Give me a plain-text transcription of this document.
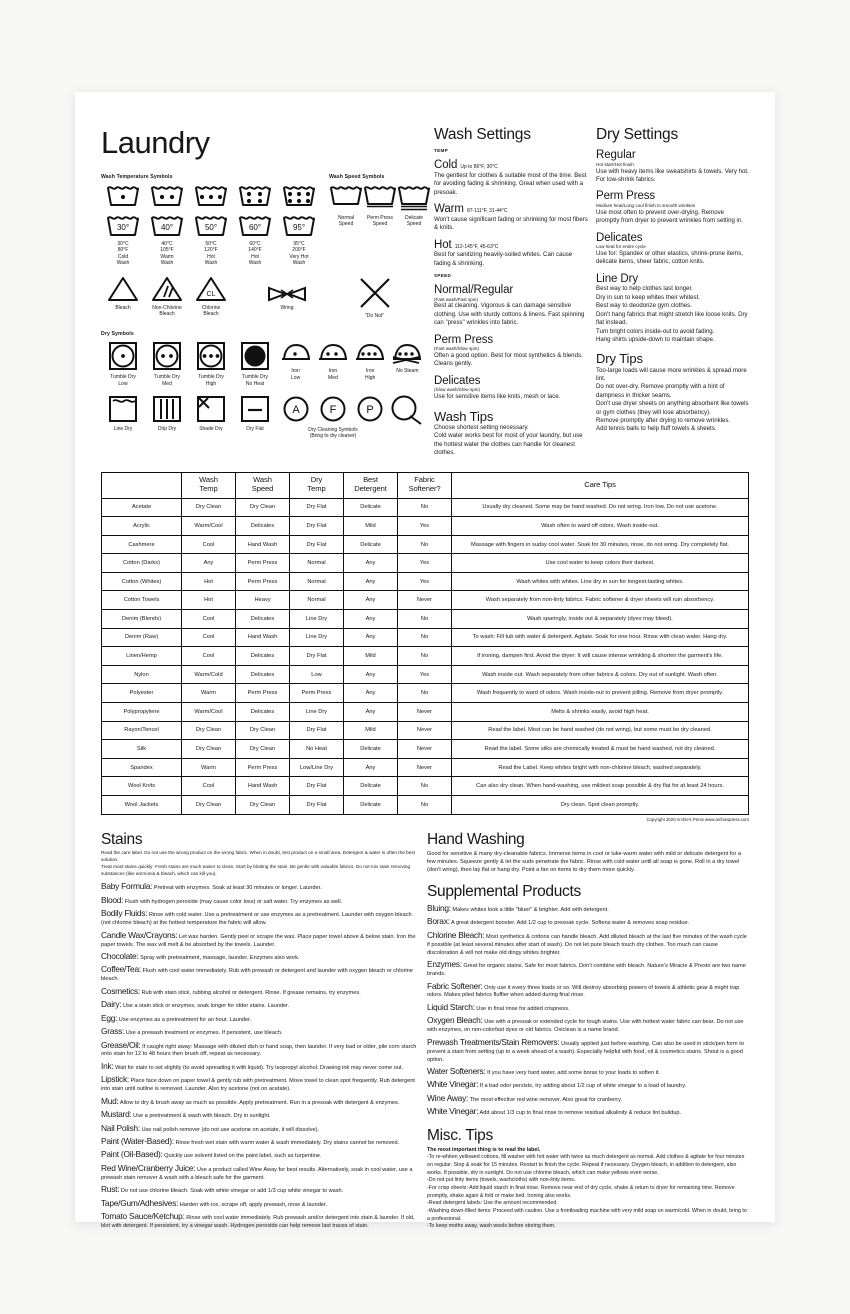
Laundry
Wash Temperature Symbols
30°
30°C
80°F
Cold
Wash
40°
40°C
105°F
Warm
Wash
50°
50°C
120°F
Hot
Wash
60°
60°C
140°F
Hot
Wash
95°
95°C
200°F
Very Hot
Wash
Wash Speed Symbols
Normal
Speed
Perm Press
Speed
Delicate
Speed
Bleach	Non-Chlorine
Bleach
CL
Chlorine
Bleach
Wring
"Do Not"
Dry Symbols
Tumble Dry
Low
Tumble Dry
Med
Tumble Dry
High
Tumble Dry
No Heat
Iron
Low
Iron
Med
Iron
High
No Steam
Line Dry	Drip Dry	Shade Dry	Dry Flat
A	F	P
Dry Cleaning Symbols
(Bring to dry cleaner)
Wash Settings
TEMP
Cold Up to 86°F, 30°C
The gentlest for clothes & suitable most of the time. Best for avoiding fading & shrinking. Great when used with a presoak.
Warm 87-111°F, 31-44°C
Won't cause significant fading or shrinking for most fibers & knits.
Hot 112-145°F, 45-63°C
Best for sanitizing heavily-soiled whites. Can cause fading & shrinking.
SPEED
Normal/Regular
(Fast wash/Fast spin)
Best at cleaning. Vigorous & can damage sensitive clothing. Use with sturdy cottons & linens. Fast spinning can "press" wrinkles into fabric.
Perm Press
(Fast wash/Slow spin)
Often a good option. Best for most synthetics & blends. Cleans gently.
Delicates
(Slow wash/Slow spin)
Use for sensitive items like knits, mesh or lace.
Wash Tips
Choose shortest setting necessary.
Cold water works best for most of your laundry, but use the hottest water the clothes can handle for cleanest clothes.
Dry Settings
Regular
Hot start/Hot finish
Use with heavy items like sweatshirts & towels. Very hot. For low-shrink fabrics.
Perm Press
Medium heat/Long cool finish to smooth wrinkles
Use most often to prevent over-drying. Remove promptly from dryer to prevent wrinkles from setting in.
Delicates
Low heat for entire cycle
Use for: Spandex or other elastics, shrink-prone items, delicate items, sheer fabric, cotton knits.
Line Dry
Best way to help clothes last longer.
Dry in sun to keep whites their whitest.
Best way to deodorize gym clothes.
Don't hang fabrics that might stretch like loose knits. Dry flat instead.
Turn bright colors inside-out to avoid fading.
Hang shirts upside-down to maintain shape.
Dry Tips
Too-large loads will cause more wrinkles & spread more lint.
Do not over-dry. Remove promptly with a hint of dampness in thicker seams.
Don't use dryer sheets on anything absorbent like towels or gym clothes (they will lose absorbency).
Remove promptly after drying to remove wrinkles.
Add tennis balls to help fluff towels & sheets.
	Wash
Temp	Wash
Speed	Dry
Temp	Best
Detergent	Fabric
Softener?	Care Tips
Acetate	Dry Clean	Dry Clean	Dry Flat	Delicate	No	Usually dry cleaned. Some may be hand washed. Do not wring. Iron low. Do not use acetone.
Acrylic	Warm/Cool	Delicates	Dry Flat	Mild	Yes	Wash often to ward off odors. Wash inside-out.
Cashmere	Cool	Hand Wash	Dry Flat	Delicate	No	Massage with fingers in sudsy cool water. Soak for 30 minutes, rinse, do not wring. Dry completely flat.
Cotton (Darks)	Any	Perm Press	Normal	Any	Yes	Use cool water to keep colors their darkest.
Cotton (Whites)	Hot	Perm Press	Normal	Any	Yes	Wash whites with whites. Line dry in sun for longest-lasting whites.
Cotton Towels	Hot	Heavy	Normal	Any	Never	Wash separately from non-linty fabrics. Fabric softener & dryer sheets will ruin absorbency.
Denim (Blends)	Cool	Delicates	Line Dry	Any	No	Wash sparingly, inside out & separately (dyes may bleed).
Denim (Raw)	Cool	Hand Wash	Line Dry	Any	No	To wash: Fill tub with water & detergent. Agitate. Soak for one hour. Rinse with clean water. Hang dry.
Linen/Hemp	Cool	Delicates	Dry Flat	Mild	No	If ironing, dampen first. Avoid the dryer: It will cause intense wrinkling & shorten the garment's life.
Nylon	Warm/Cold	Delicates	Low	Any	Yes	Wash inside out. Wash separately from other fabrics & colors. Dry out of sunlight. Wash often.
Polyester	Warm	Perm Press	Perm Press	Any	No	Wash frequently to ward of odors. Wash inside-out to prevent pilling. Remove from dryer promptly.
Polypropylene	Warm/Cool	Delicates	Line Dry	Any	Never	Melts & shrinks easily, avoid high heat.
Rayon/Tencel	Dry Clean	Dry Clean	Dry Flat	Mild	Never	Read the label. Most can be hand washed (do not wring), but some must be dry cleaned.
Silk	Dry Clean	Dry Clean	No Heat	Delicate	Never	Read the label. Some silks are chemically treated & must be hand washed, not dry cleaned.
Spandex	Warm	Perm Press	Low/Line Dry	Any	Never	Read the Label. Keep whites bright with non-chlorine bleach, washed separately.
Wool Knits	Cool	Hand Wash	Dry Flat	Delicate	No	Can also dry clean. When hand-washing, use mildest soap possible & dry flat for at least 24 hours.
Wool Jackets	Dry Clean	Dry Clean	Dry Flat	Delicate	No	Dry clean. Spot clean promptly.
Copyright 2020 Archie's Press www.archiespress.com
Stains
Read the care label. Do not use the wrong product on the wrong fabric. When in doubt, test product on a small area. Detergent & water is often the best solution.
Treat most stains quickly: Fresh stains are much easier to clean. Start by blotting the stain. Be gentle with valuable fabrics. Do not mix stain removing substances (like ammonia & bleach, which can kill you).
Baby Formula: Pretreat with enzymes. Soak at least 30 minutes or longer. Launder.
Blood: Flush with hydrogen peroxide (may cause color loss) or salt water. Try enzymes as well.
Bodily Fluids: Rinse with cold water. Use a pretreatment or use enzymes as a pretreatment. Launder with oxygen bleach (not chlorine bleach) at the hottest temperature the fabric will allow.
Candle Wax/Crayons: Let wax harden. Gently peel or scrape the wax. Place paper towel above & below stain. Iron the paper towels. The wax will melt & be absorbed by the towels. Launder.
Chocolate: Spray with pretreatment, massage, launder. Enzymes also work.
Coffee/Tea: Flush with cool water immediately. Rub with prewash or detergent and launder with oxygen bleach or chlorine bleach.
Cosmetics: Rub with stain stick, rubbing alcohol or detergent. Rinse. If grease remains, try enzymes.
Dairy: Use a stain stick or enzymes, soak longer for older stains. Launder.
Egg: Use enzymes as a pretreatment for an hour. Launder.
Grass: Use a prewash treatment or enzymes. If persistent, use bleach.
Grease/Oil: If caught right away: Massage with diluted dish or hand soap, then launder. If very bad or older, pile corn starch onto stain for 12 to 48 hours then brush off, repeat as necessary.
Ink: Wait for stain to set slightly (to avoid spreading it with liquid). Try isopropyl alcohol. Drawing ink may never come out.
Lipstick: Place face down on paper towel & gently rub with pretreatment. Move towel to clean spot frequently. Rub detergent into stain until outline is removed. Launder. Also try acetone (not on acetate).
Mud: Allow to dry & brush away as much as possible. Apply pretreatment. Run in a presoak with detergent & enzymes.
Mustard: Use a pretreatment & wash with bleach. Dry in sunlight.
Nail Polish: Use nail polish remover (do not use acetone on acetate, it will dissolve).
Paint (Water-Based): Rinse fresh wet stain with warm water & wash immediately. Dry stains cannot be removed.
Paint (Oil-Based): Quickly use solvent listed on the paint label, such as turpentine.
Red Wine/Cranberry Juice: Use a product called Wine Away for best results. Alternatively, soak in cool water, use a prewash stain remover & wash with a bleach safe for the garment.
Rust: Do not use chlorine bleach. Soak with white vinegar or add 1/3 cup white vinegar to wash.
Tape/Gum/Adhesives: Harden with ice, scrape off, apply prewash, rinse & launder.
Tomato Sauce/Ketchup: Rinse with cool water immediately. Rub prewash and/or detergent into stain & launder. If old, blot with detergent. If persistent, try a vinegar wash. Hydrogen peroxide can help remove last traces of stain.
Hand Washing
Good for sensitive & many dry-cleanable fabrics. Immerse items in cool or luke-warm water with mild or delicate detergent for a few minutes. Squeeze gently & let the suds penetrate the fabric. Rinse with cold water until all soap is gone. Roll in a dry towel (don't wring), then lay flat or hang dry. Point a fan on items to dry them more quickly.
Supplemental Products
Bluing: Makes whites look a little "bluer" & brighter. Add with detergent.
Borax: A great detergent booster. Add 1/2 cup to presoak cycle. Softens water & removes soap residue.
Chlorine Bleach: Most synthetics & cottons can handle bleach. Add diluted bleach at the last five minutes of the wash cycle if possible (at least several minutes after start of wash). Do not let pure bleach touch dry clothes. Too much can cause discoloration & will not make old dingy whites brighter.
Enzymes: Great for organic stains. Safe for most fabrics. Don't combine with bleach. Nature's Miracle & Presto are two name brands.
Fabric Softener: Only use it every three loads or so. Will destroy absorbing powers of towels & athletic gear & might trap odors. Makes piled fabrics fluffier when added during final rinse.
Liquid Starch: Use in final rinse for added crispness.
Oxygen Bleach: Use with a presoak or extended cycle for tough stains. Use with hottest water fabric can bear. Do not use with enzymes, on non-colorfast dyes or old fabrics. Oxiclean is a name brand.
Prewash Treatments/Stain Removers: Usually applied just before washing. Can also be used in stick/pen form to prevent a stain from setting (up to a week ahead of a wash). Especially helpful with food, oil & cosmetics stains. Shout is a good option.
Water Softeners: If you have very hard water, add some borax to your loads to soften it.
White Vinegar: If a bad odor persists, try adding about 1/2 cup of white vinegar to a load of laundry.
Wine Away: The most effective red wine remover. Also great for cranberry.
White Vinegar: Add about 1/3 cup to final rinse to remove residual alkalinity & reduce lint buildup.
Misc. Tips
The most important thing is to read the label.
-To re-whiten yellowed cottons, fill washer with hot water with twice as much detergent as normal. Add clothes & agitate for four minutes on regular. Stop & soak for 15 minutes. Restart to finish the cycle. Repeat if necessary. Oxygen bleach, in addition to detergent, also works. If possible, dry in sunlight. Do not use chlorine bleach, which can make yellows even worse.
-Do not put linty items (towels, washcloths) with non-linty items.
-For crisp sheets: Add liquid starch in final rinse. Remove near end of dry cycle, shake & return to dryer for remaining time. Remove promptly, shake again & fold or make bed. Ironing also works.
-Read detergent labels: Use the amount recommended.
-Washing down-filled items: Proceed with caution. Use a frontloading machine with very mild soap on warm/cold. When in doubt, bring to a professional.
-To keep moths away, wash wools before storing them.
